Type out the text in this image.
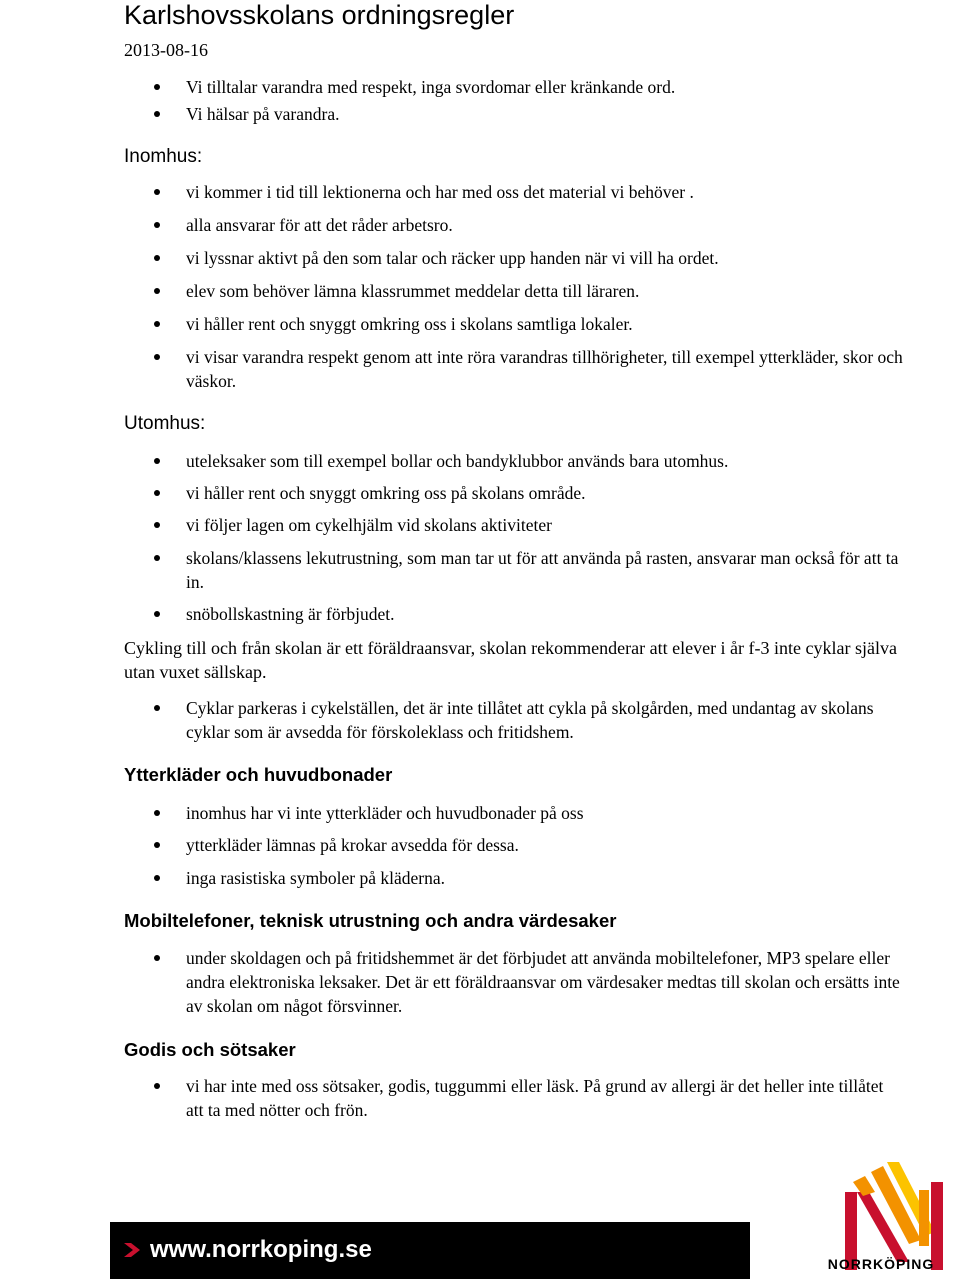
Karlshovsskolans ordningsregler
2013-08-16
Vi tilltalar varandra med respekt, inga svordomar eller kränkande ord.
Vi hälsar på varandra.
Inomhus:
vi kommer i tid till lektionerna och har med oss det material vi behöver .
alla ansvarar för att det råder arbetsro.
vi lyssnar aktivt på den som talar och räcker upp handen när vi vill ha ordet.
elev som behöver lämna klassrummet meddelar detta till läraren.
vi håller rent och snyggt omkring oss i skolans samtliga lokaler.
vi visar varandra respekt genom att inte röra varandras tillhörigheter, till exempel ytterkläder, skor och väskor.
Utomhus:
uteleksaker som till exempel bollar och bandyklubbor används bara utomhus.
vi håller rent och snyggt omkring oss på skolans område.
vi följer lagen om cykelhjälm vid skolans aktiviteter
skolans/klassens lekutrustning, som man tar ut för att använda på rasten, ansvarar man också för att ta in.
snöbollskastning är förbjudet.
Cykling till och från skolan är ett föräldraansvar, skolan rekommenderar att elever i år f-3 inte cyklar själva utan vuxet sällskap.
Cyklar parkeras i cykelställen, det är inte tillåtet att cykla på skolgården, med undantag av skolans cyklar som är avsedda för förskoleklass och fritidshem.
Ytterkläder och huvudbonader
inomhus har vi inte ytterkläder och huvudbonader på oss
ytterkläder lämnas på krokar avsedda för dessa.
inga rasistiska symboler på kläderna.
Mobiltelefoner, teknisk utrustning och andra värdesaker
under skoldagen och på fritidshemmet är det förbjudet att använda mobiltelefoner, MP3 spelare eller andra elektroniska leksaker. Det är ett föräldraansvar om värdesaker medtas till skolan och ersätts inte av skolan om något försvinner.
Godis och sötsaker
vi har inte med oss sötsaker, godis, tuggummi eller läsk. På grund av allergi är det heller inte tillåtet att ta med nötter och frön.
www.norrkoping.se
NORRKÖPING
